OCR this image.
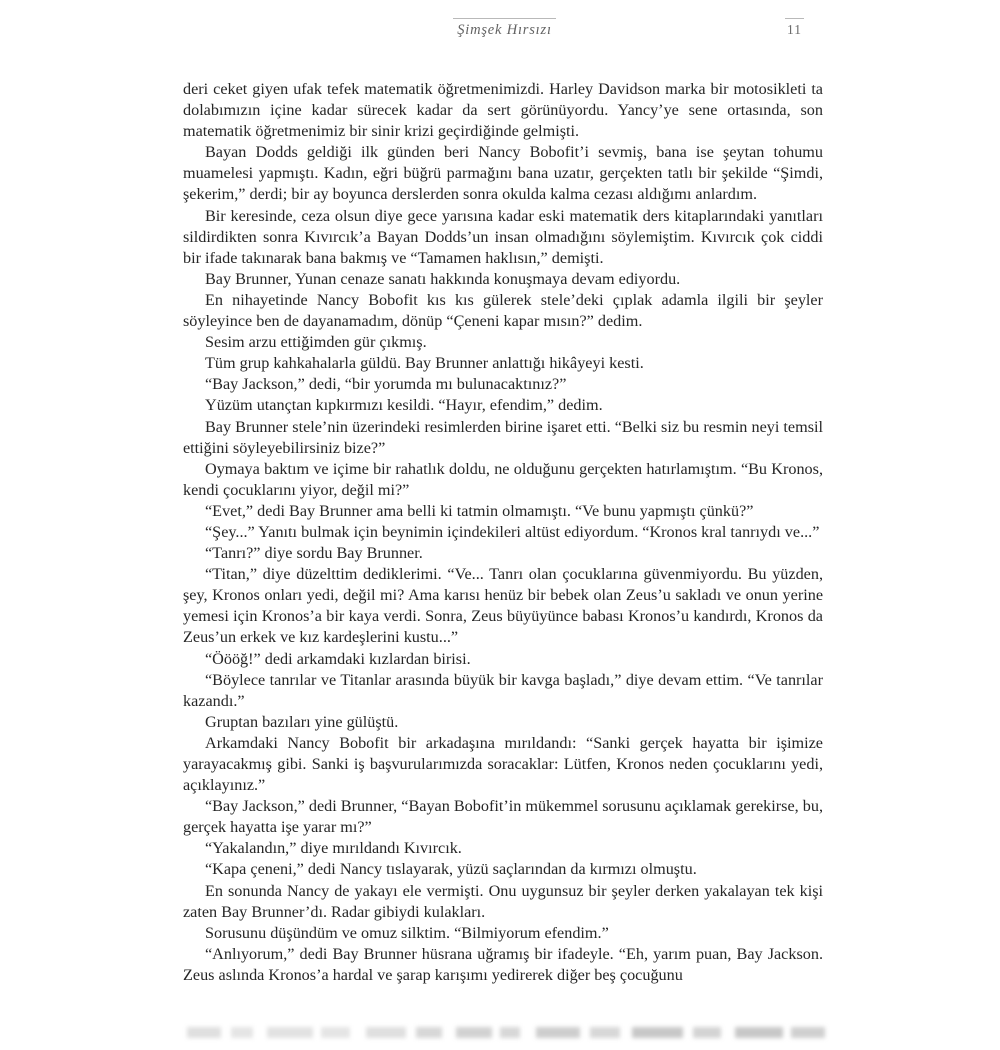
Şimşek Hırsızı	11

deri ceket giyen ufak tefek matematik öğretmenimizdi. Harley Davidson marka bir motosikleti ta dolabımızın içine kadar sürecek kadar da sert görünüyordu. Yancy’ye sene ortasında, son matematik öğretmenimiz bir sinir krizi geçirdiğinde gelmişti.

Bayan Dodds geldiği ilk günden beri Nancy Bobofit’i sevmiş, bana ise şeytan tohumu muamelesi yapmıştı. Kadın, eğri büğrü parmağını bana uzatır, gerçekten tatlı bir şekilde “Şimdi, şekerim,” derdi; bir ay boyunca derslerden sonra okulda kalma cezası aldığımı anlardım.

Bir keresinde, ceza olsun diye gece yarısına kadar eski matematik ders kitaplarındaki yanıtları sildirdikten sonra Kıvırcık’a Bayan Dodds’un insan olmadığını söylemiştim. Kıvırcık çok ciddi bir ifade takınarak bana bakmış ve “Tamamen haklısın,” demişti.

Bay Brunner, Yunan cenaze sanatı hakkında konuşmaya devam ediyordu.

En nihayetinde Nancy Bobofit kıs kıs gülerek stele’deki çıplak adamla ilgili bir şeyler söyleyince ben de dayanamadım, dönüp “Çeneni kapar mısın?” dedim.

Sesim arzu ettiğimden gür çıkmış.

Tüm grup kahkahalarla güldü. Bay Brunner anlattığı hikâyeyi kesti.

“Bay Jackson,” dedi, “bir yorumda mı bulunacaktınız?”

Yüzüm utançtan kıpkırmızı kesildi. “Hayır, efendim,” dedim.

Bay Brunner stele’nin üzerindeki resimlerden birine işaret etti. “Belki siz bu resmin neyi temsil ettiğini söyleyebilirsiniz bize?”

Oymaya baktım ve içime bir rahatlık doldu, ne olduğunu gerçekten hatırlamıştım. “Bu Kronos, kendi çocuklarını yiyor, değil mi?”

“Evet,” dedi Bay Brunner ama belli ki tatmin olmamıştı. “Ve bunu yapmıştı çünkü?”

“Şey...” Yanıtı bulmak için beynimin içindekileri altüst ediyordum. “Kronos kral tanrıydı ve...”

“Tanrı?” diye sordu Bay Brunner.

“Titan,” diye düzelttim dediklerimi. “Ve... Tanrı olan çocuklarına güvenmiyordu. Bu yüzden, şey, Kronos onları yedi, değil mi? Ama karısı henüz bir bebek olan Zeus’u sakladı ve onun yerine yemesi için Kronos’a bir kaya verdi. Sonra, Zeus büyüyünce babası Kronos’u kandırdı, Kronos da Zeus’un erkek ve kız kardeşlerini kustu...”

“Öööğ!” dedi arkamdaki kızlardan birisi.

“Böylece tanrılar ve Titanlar arasında büyük bir kavga başladı,” diye devam ettim. “Ve tanrılar kazandı.”

Gruptan bazıları yine gülüştü.

Arkamdaki Nancy Bobofit bir arkadaşına mırıldandı: “Sanki gerçek hayatta bir işimize yarayacakmış gibi. Sanki iş başvurularımızda soracaklar: Lütfen, Kronos neden çocuklarını yedi, açıklayınız.”

“Bay Jackson,” dedi Brunner, “Bayan Bobofit’in mükemmel sorusunu açıklamak gerekirse, bu, gerçek hayatta işe yarar mı?”

“Yakalandın,” diye mırıldandı Kıvırcık.

“Kapa çeneni,” dedi Nancy tıslayarak, yüzü saçlarından da kırmızı olmuştu.

En sonunda Nancy de yakayı ele vermişti. Onu uygunsuz bir şeyler derken yakalayan tek kişi zaten Bay Brunner’dı. Radar gibiydi kulakları.

Sorusunu düşündüm ve omuz silktim. “Bilmiyorum efendim.”

“Anlıyorum,” dedi Bay Brunner hüsrana uğramış bir ifadeyle. “Eh, yarım puan, Bay Jackson. Zeus aslında Kronos’a hardal ve şarap karışımı yedirerek diğer beş çocuğunu
